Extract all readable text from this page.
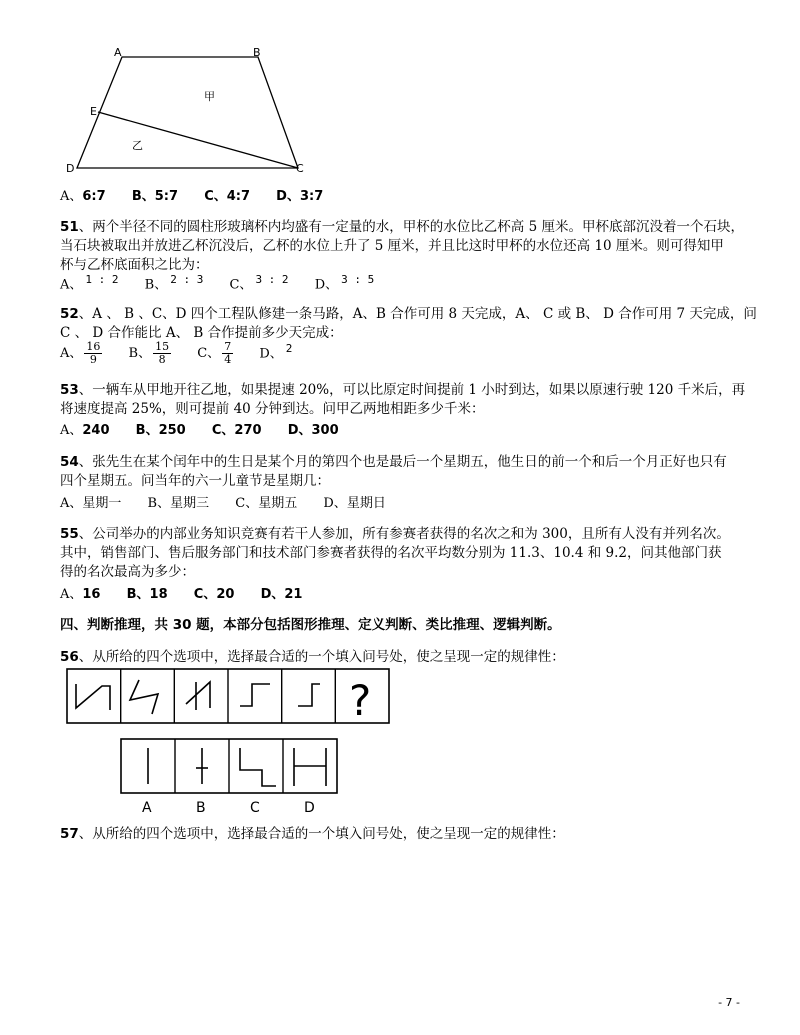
A	B
C
D
E
甲
乙
A、6:7 B、5:7 C、4:7 D、3:7
51、两个半径不同的圆柱形玻璃杯内均盛有一定量的水，甲杯的水位比乙杯高 5 厘米。甲杯底部沉没着一个石块，
当石块被取出并放进乙杯沉没后，乙杯的水位上升了 5 厘米，并且比这时甲杯的水位还高 10 厘米。则可得知甲
杯与乙杯底面积之比为：
A、 $^{1 : 2}$ B、 $^{2 : 3}$ C、 $^{3 : 2}$ D、 $^{3 : 5}$
52、A 、 B 、C、D 四个工程队修建一条马路，A、B 合作可用 8 天完成，A、 C 或 B、 D 合作可用 7 天完成，问
C 、 D 合作能比 A、 B 合作提前多少天完成：
A、 $\frac{16}{9}$ B、 $\frac{15}{8}$ C、 $\frac{7}{4}$ D、 $^2$
53、一辆车从甲地开往乙地，如果提速 20%，可以比原定时间提前 1 小时到达，如果以原速行驶 120 千米后，再
将速度提高 25%，则可提前 40 分钟到达。问甲乙两地相距多少千米：
A、240 B、250 C、270 D、300
54、张先生在某个闰年中的生日是某个月的第四个也是最后一个星期五，他生日的前一个和后一个月正好也只有
四个星期五。问当年的六一儿童节是星期几：
A、星期一 B、星期三 C、星期五 D、星期日
55、公司举办的内部业务知识竞赛有若干人参加，所有参赛者获得的名次之和为 300，且所有人没有并列名次。
其中，销售部门、售后服务部门和技术部门参赛者获得的名次平均数分别为 11.3、10.4 和 9.2，问其他部门获
得的名次最高为多少：
A、16 B、18 C、20 D、21
四、判断推理，共 30 题，本部分包括图形推理、定义判断、类比推理、逻辑判断。
56、从所给的四个选项中，选择最合适的一个填入问号处，使之呈现一定的规律性：
?
A	B	C	D
57、从所给的四个选项中，选择最合适的一个填入问号处，使之呈现一定的规律性：
- 7 -
